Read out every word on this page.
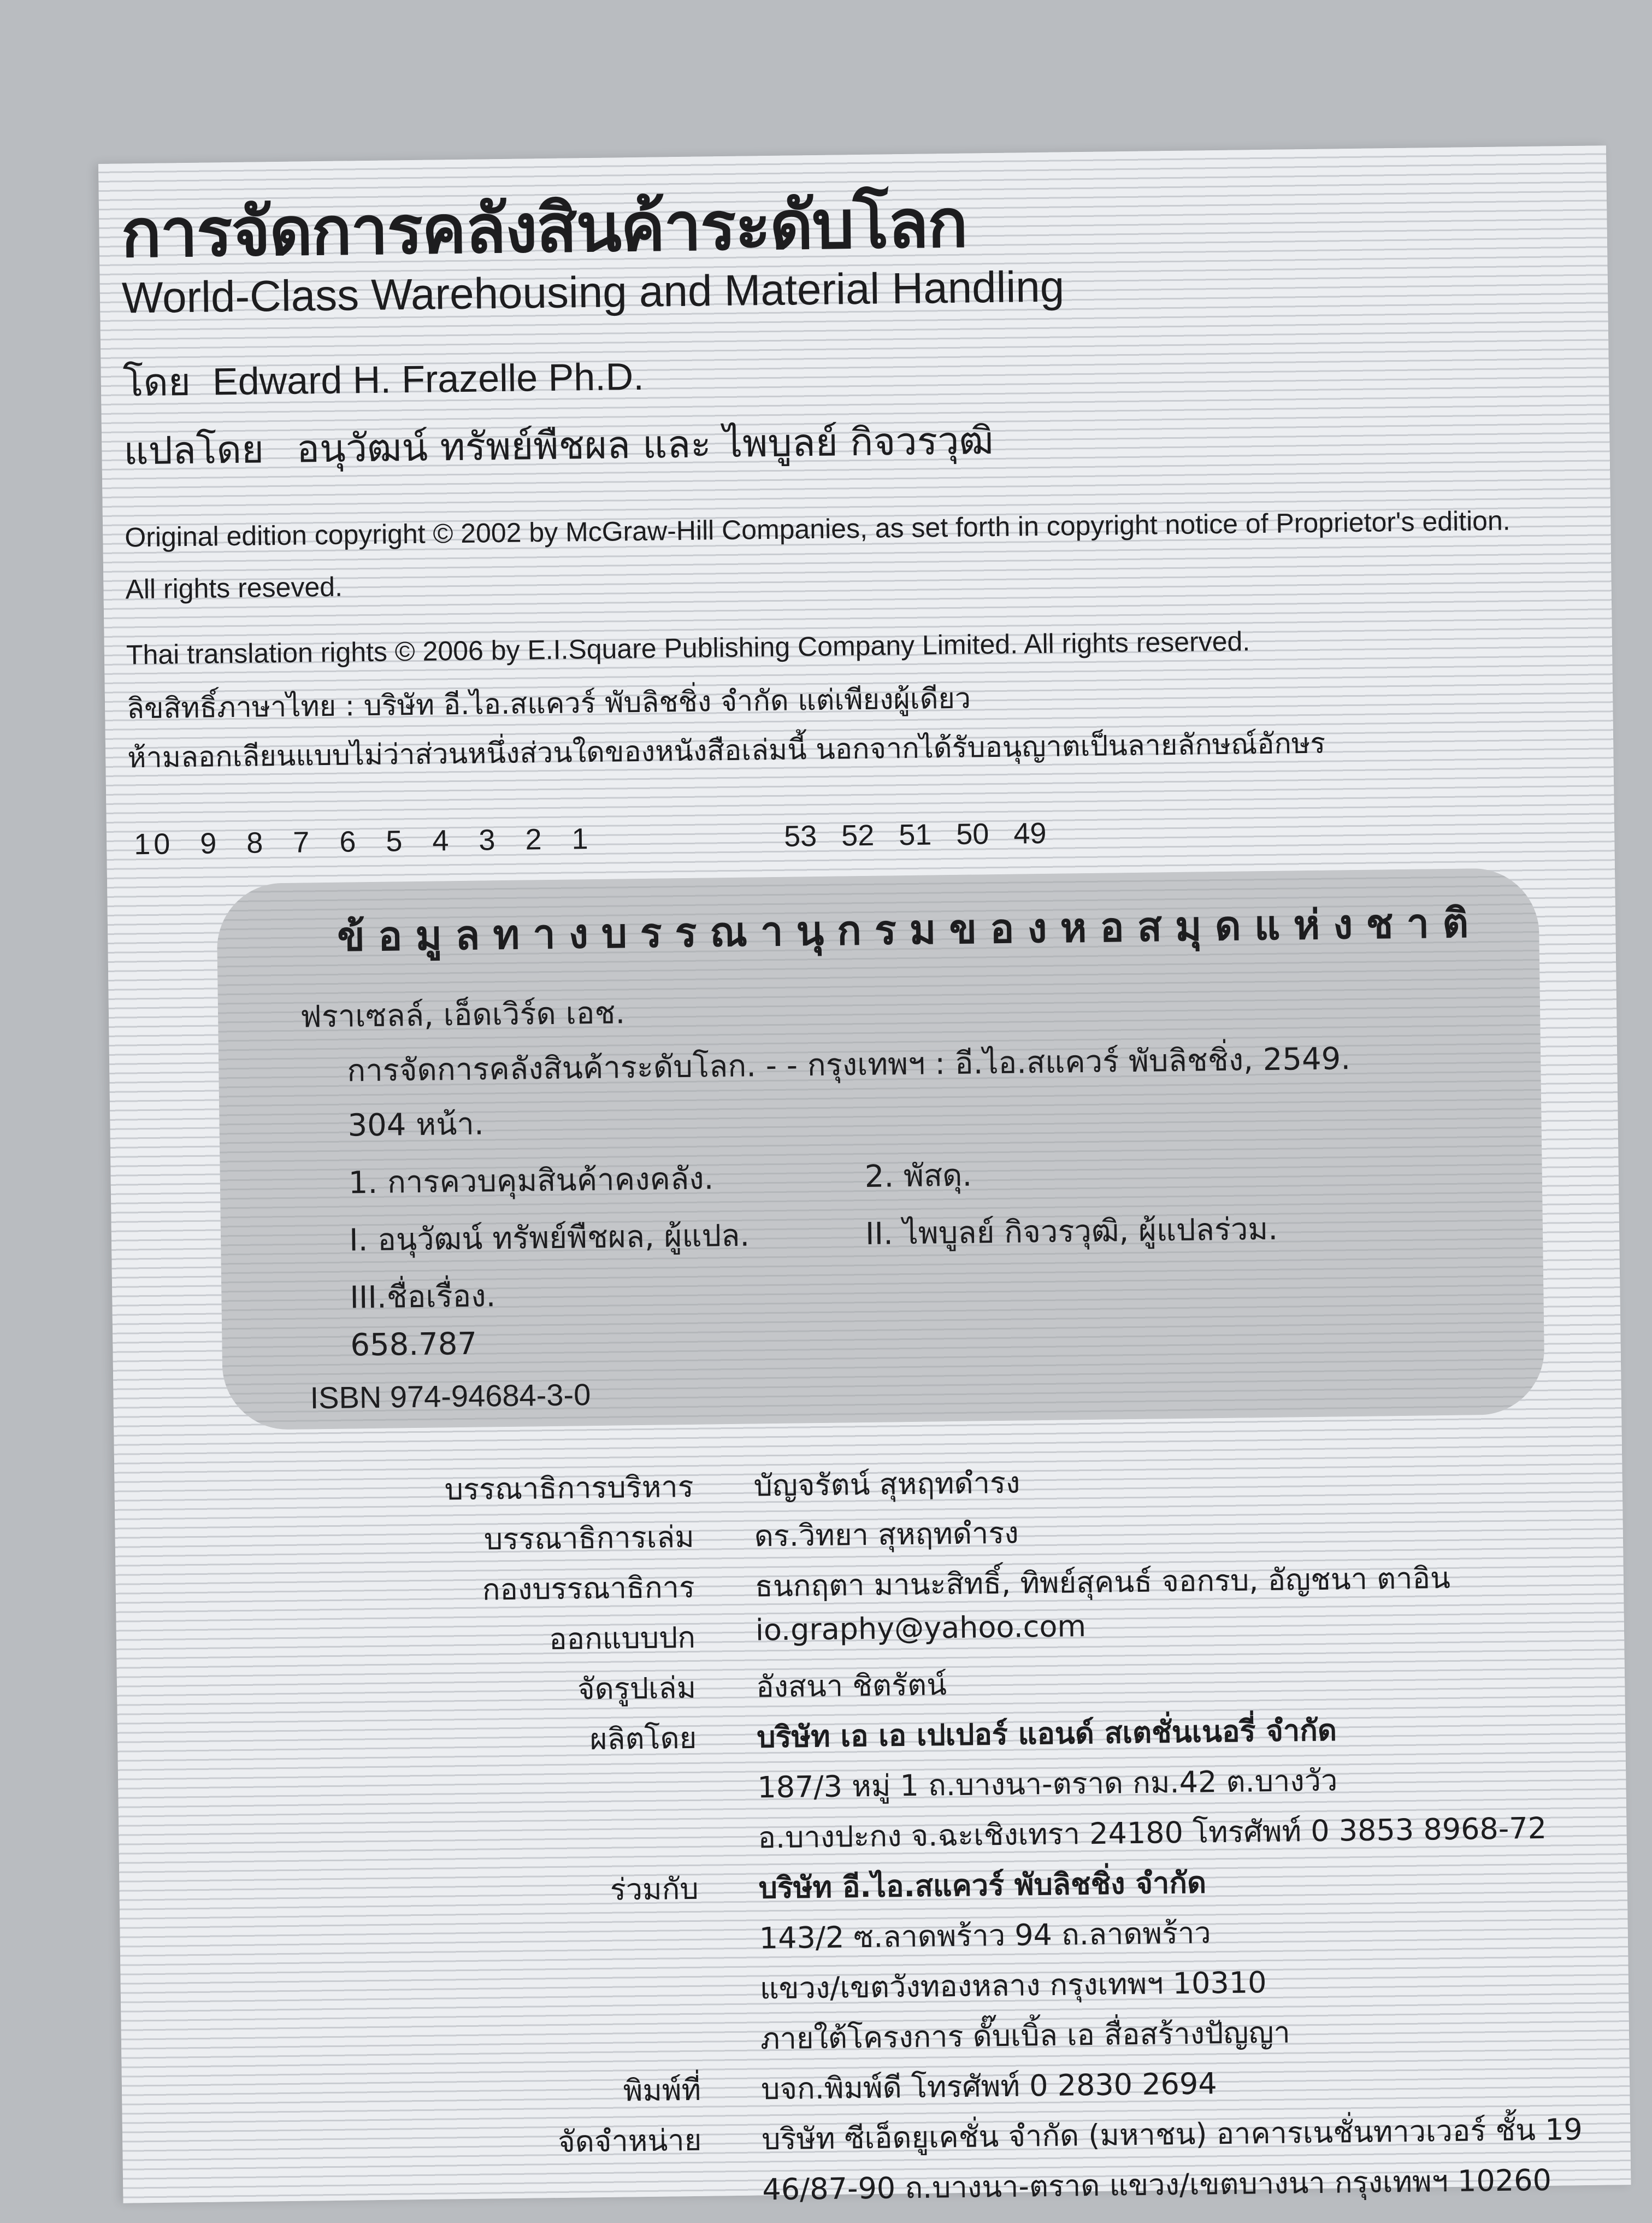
การจัดการคลังสินค้าระดับโลก
World-Class Warehousing and Material Handling
โดย Edward H. Frazelle Ph.D.
แปลโดย อนุวัฒน์ ทรัพย์พืชผล และ ไพบูลย์ กิจวรวุฒิ
Original edition copyright © 2002 by McGraw-Hill Companies, as set forth in copyright notice of Proprietor's edition.
All rights reseved.
Thai translation rights © 2006 by E.I.Square Publishing Company Limited. All rights reserved.
ลิขสิทธิ์ภาษาไทย : บริษัท อี.ไอ.สแควร์ พับลิชชิ่ง จำกัด แต่เพียงผู้เดียว
ห้ามลอกเลียนแบบไม่ว่าส่วนหนึ่งส่วนใดของหนังสือเล่มนี้ นอกจากได้รับอนุญาตเป็นลายลักษณ์อักษร
10 9 8 7 6 5 4 3 2 1	53 52 51 50 49
ข้อมูลทางบรรณานุกรมของหอสมุดแห่งชาติ
ฟราเซลล์, เอ็ดเวิร์ด เอช.
การจัดการคลังสินค้าระดับโลก. - - กรุงเทพฯ : อี.ไอ.สแควร์ พับลิชชิ่ง, 2549.
304 หน้า.
1. การควบคุมสินค้าคงคลัง.	2. พัสดุ.
I. อนุวัฒน์ ทรัพย์พืชผล, ผู้แปล.	II. ไพบูลย์ กิจวรวุฒิ, ผู้แปลร่วม.
III.ชื่อเรื่อง.
658.787
ISBN 974-94684-3-0
บรรณาธิการบริหาร บัญจรัตน์ สุหฤทดำรง
บรรณาธิการเล่ม ดร.วิทยา สุหฤทดำรง
กองบรรณาธิการ ธนกฤตา มานะสิทธิ์, ทิพย์สุคนธ์ จอกรบ, อัญชนา ตาอิน
ออกแบบปก io.graphy@yahoo.com
จัดรูปเล่ม อังสนา ชิตรัตน์
ผลิตโดย บริษัท เอ เอ เปเปอร์ แอนด์ สเตชั่นเนอรี่ จำกัด
187/3 หมู่ 1 ถ.บางนา-ตราด กม.42 ต.บางวัว
อ.บางปะกง จ.ฉะเชิงเทรา 24180 โทรศัพท์ 0 3853 8968-72
ร่วมกับ บริษัท อี.ไอ.สแควร์ พับลิชชิ่ง จำกัด
143/2 ซ.ลาดพร้าว 94 ถ.ลาดพร้าว
แขวง/เขตวังทองหลาง กรุงเทพฯ 10310
ภายใต้โครงการ ดั๊บเบิ้ล เอ สื่อสร้างปัญญา
พิมพ์ที่ บจก.พิมพ์ดี โทรศัพท์ 0 2830 2694
จัดจำหน่าย บริษัท ซีเอ็ดยูเคชั่น จำกัด (มหาชน) อาคารเนชั่นทาวเวอร์ ชั้น 19
46/87-90 ถ.บางนา-ตราด แขวง/เขตบางนา กรุงเทพฯ 10260
